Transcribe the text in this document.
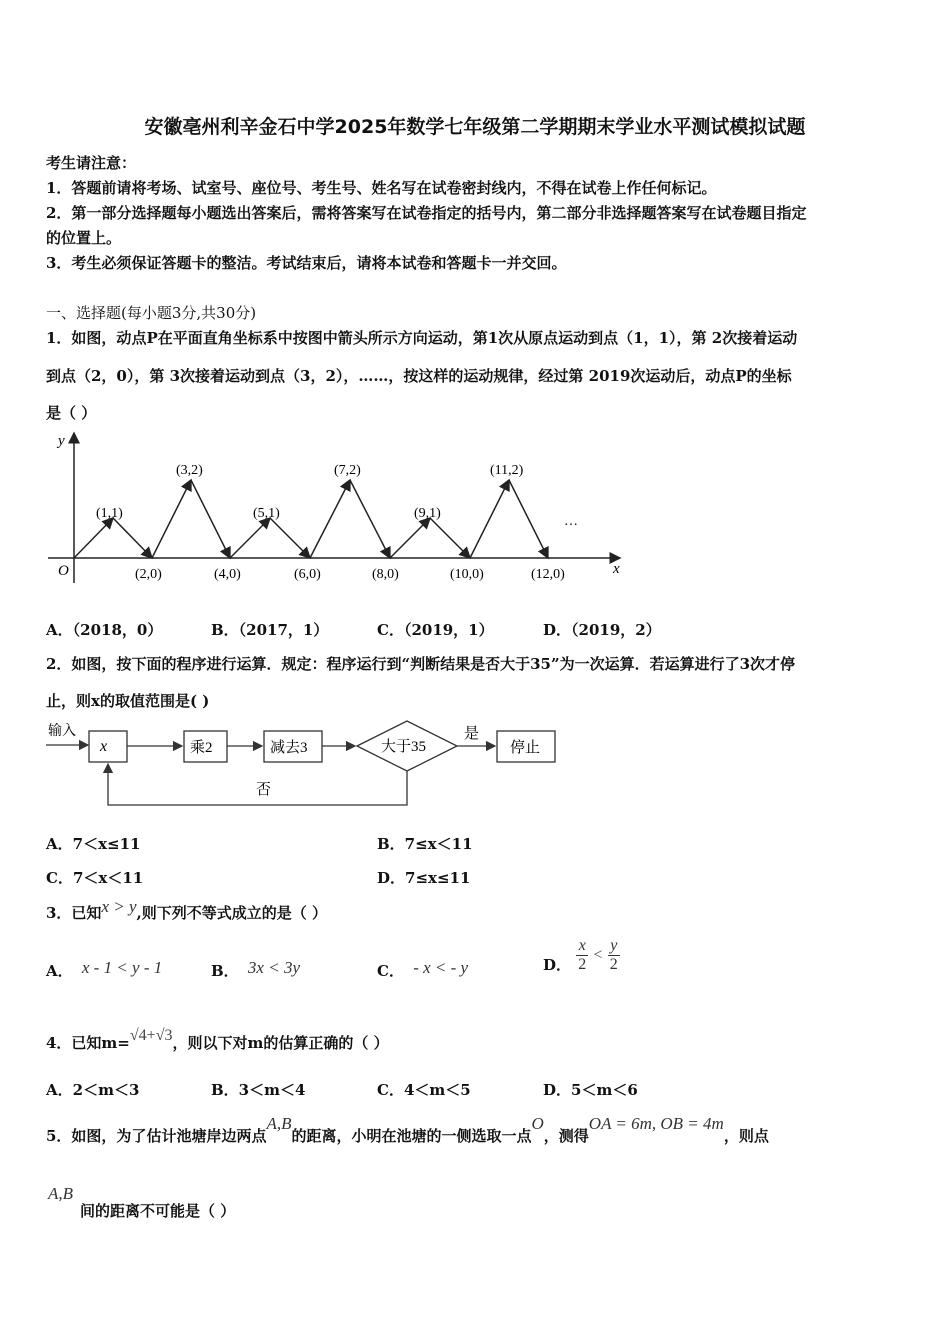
安徽亳州利辛金石中学2025年数学七年级第二学期期末学业水平测试模拟试题
考生请注意：
1．答题前请将考场、试室号、座位号、考生号、姓名写在试卷密封线内，不得在试卷上作任何标记。
2．第一部分选择题每小题选出答案后，需将答案写在试卷指定的括号内，第二部分非选择题答案写在试卷题目指定
的位置上。
3．考生必须保证答题卡的整洁。考试结束后，请将本试卷和答题卡一并交回。
一、选择题(每小题3分,共30分)
1．如图，动点P在平面直角坐标系中按图中箭头所示方向运动，第1次从原点运动到点（1，1），第 2次接着运动
到点（2，0），第 3次接着运动到点（3，2），……，按这样的运动规律，经过第 2019次运动后，动点P的坐标
是（ ）
y
x
O
(1,1)
(3,2)
(5,1)
(7,2)
(9,1)
(11,2)
(2,0)	(4,0)	(6,0)	(8,0)	(10,0)	(12,0)
…
A．（2018，0）	B．（2017，1）	C．（2019，1）	D．（2019，2）
2．如图，按下面的程序进行运算．规定：程序运行到“判断结果是否大于35”为一次运算．若运算进行了3次才停
止，则x的取值范围是( )
输入
x	乘2	减去3	大于35
是
停止
否
A．7＜x≤11	B．7≤x＜11
C．7＜x＜11	D．7≤x≤11
3．已知x > y,则下列不等式成立的是（ ）
A． x - 1 < y - 1	B． 3x < 3y	C． - x < - y	D． $\frac{x}{2} < \frac{y}{2}$
4．已知m=√4+√3，则以下对m的估算正确的（ ）
A．2＜m＜3	B．3＜m＜4	C．4＜m＜5	D．5＜m＜6
5．如图，为了估计池塘岸边两点A,B的距离，小明在池塘的一侧选取一点O，测得OA = 6m, OB = 4m，则点
A,B
间的距离不可能是（ ）
